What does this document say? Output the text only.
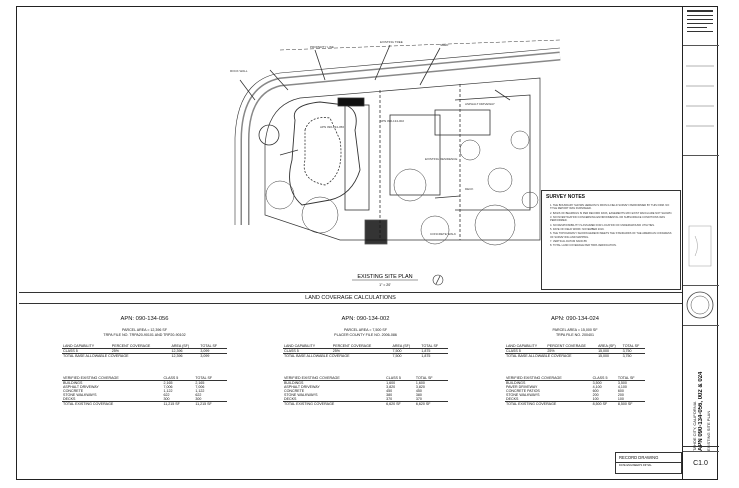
APN 090-134-056
APN 090-134-002
ASPHALT DRIVEWAY
EXISTING RESIDENCE
DECK
CONCRETE WALK
ROCK WALL
PROPERTY LINE
EXISTING TREE
SHED
EXISTING SITE PLAN
1" = 20'
SURVEY NOTES
1. THE BOUNDARY SHOWN HEREON IS FROM A FIELD SURVEY PERFORMED BY THIS FIRM. NO TITLE REPORT WAS FURNISHED.
2. BASIS OF BEARINGS IS PER RECORD DATA; EASEMENTS MAY EXIST WHICH ARE NOT SHOWN.
3. NO INVESTIGATION CONCERNING ENVIRONMENTAL OR SUBSURFACE CONDITIONS WAS PERFORMED.
4. NO RESPONSIBILITY IS ASSUMED FOR LOCATION OF UNDERGROUND UTILITIES.
5. DATE OF FIELD WORK: NOVEMBER 2019.
6. THE TOPOGRAPHY SHOWN HEREON MEETS THE STANDARDS OF THE AMERICAN CONGRESS OF SURVEYING AND MAPPING.
7. VERTICAL DATUM NAVD 88.
8. TOTAL LAND COVERAGE PER TRPA VERIFICATION.
LAND COVERAGE CALCULATIONS
APN: 090-134-056
PARCEL AREA = 12,396 SF
TRPA FILE NO. TRPA20-90101 AND TRP20-90102
LAND CAPABILITY	PERCENT COVERAGE	AREA (SF)	TOTAL SF
CLASS 5	25%	12,396	3,099
TOTAL BASE ALLOWABLE COVERAGE		12,396	3,099
VERIFIED EXISTING COVERAGE	CLASS 5	TOTAL SF
BUILDINGS	2,165	2,165
ASPHALT DRIVEWAY	7,006	7,006
CONCRETE	1,122	1,122
STONE WALKWAYS	622	622
DECKS	300	300
TOTAL EXISTING COVERAGE	11,215 SF	11,215 SF
APN: 090-134-002
PARCEL AREA = 7,500 SF
PLACER COUNTY FILE NO. 2006-086
LAND CAPABILITY	PERCENT COVERAGE	AREA (SF)	TOTAL SF
CLASS 5	25%	7,500	1,875
TOTAL BASE ALLOWABLE COVERAGE		7,500	1,875
VERIFIED EXISTING COVERAGE	CLASS 5	TOTAL SF
BUILDINGS	1,600	1,600
ASPHALT DRIVEWAY	3,820	3,820
CONCRETE	450	450
STONE WALKWAYS	380	380
DECKS	370	370
TOTAL EXISTING COVERAGE	6,620 SF	6,620 SF
APN: 090-134-024
PARCEL AREA = 15,000 SF
TRPA FILE NO. 200401
LAND CAPABILITY	PERCENT COVERAGE	AREA (SF)	TOTAL SF
CLASS 5	25%	15,000	3,750
TOTAL BASE ALLOWABLE COVERAGE		15,000	3,750
VERIFIED EXISTING COVERAGE	CLASS 5	TOTAL SF
BUILDINGS	3,500	3,500
PAVER DRIVEWAY	4,100	4,100
CONCRETE PATIOS	600	600
STONE WALKWAYS	200	200
DECKS	100	100
TOTAL EXISTING COVERAGE	8,500 SF	8,500 SF
RECORD DRAWING
DATE ENGINEER'S INITIAL
TAHOE CITY, CALIFORNIA APN 090-134-056, 002 & 024 EXISTING SITE PLAN
C1.0
